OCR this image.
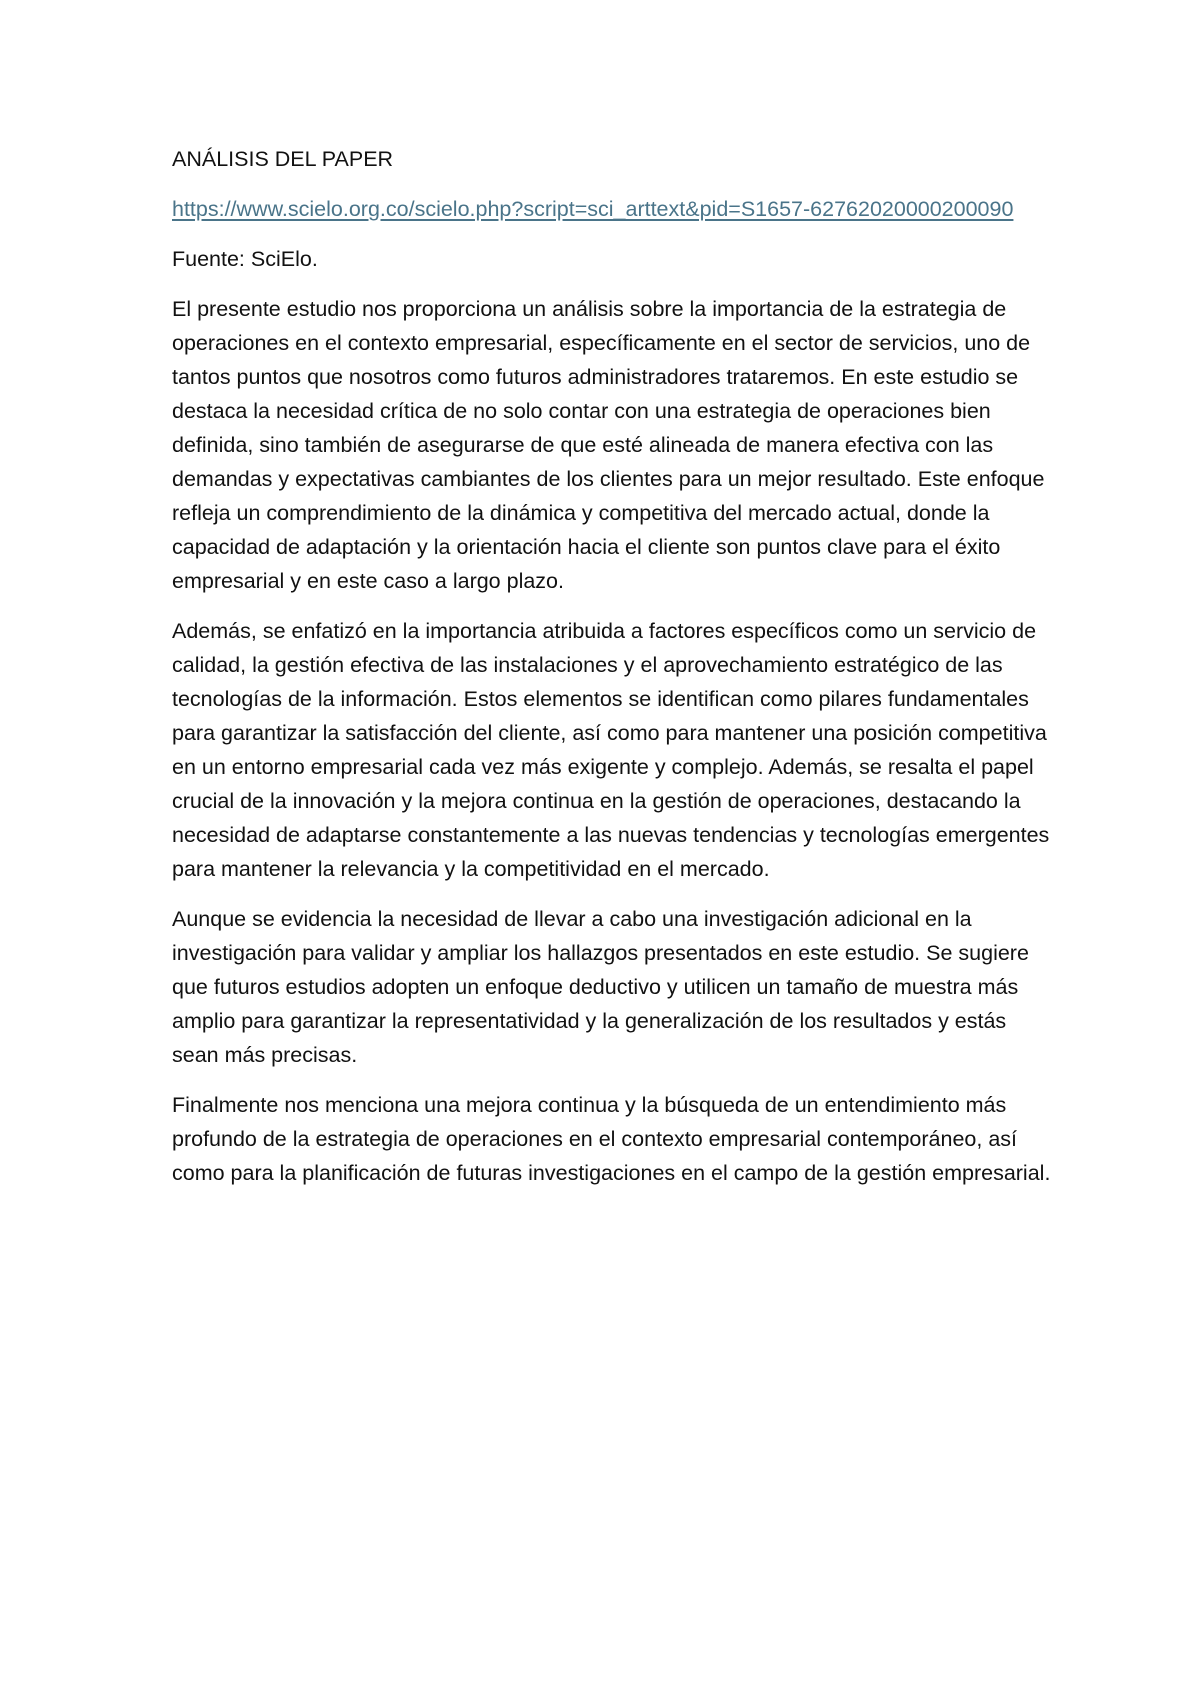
ANÁLISIS DEL PAPER

https://www.scielo.org.co/scielo.php?script=sci_arttext&pid=S1657-62762020000200090

Fuente: SciElo.

El presente estudio nos proporciona un análisis sobre la importancia de la estrategia de operaciones en el contexto empresarial, específicamente en el sector de servicios, uno de tantos puntos que nosotros como futuros administradores trataremos. En este estudio se destaca la necesidad crítica de no solo contar con una estrategia de operaciones bien definida, sino también de asegurarse de que esté alineada de manera efectiva con las demandas y expectativas cambiantes de los clientes para un mejor resultado. Este enfoque refleja un comprendimiento de la dinámica y competitiva del mercado actual, donde la capacidad de adaptación y la orientación hacia el cliente son puntos clave para el éxito empresarial y en este caso a largo plazo.

Además, se enfatizó en la importancia atribuida a factores específicos como un servicio de calidad, la gestión efectiva de las instalaciones y el aprovechamiento estratégico de las tecnologías de la información. Estos elementos se identifican como pilares fundamentales para garantizar la satisfacción del cliente, así como para mantener una posición competitiva en un entorno empresarial cada vez más exigente y complejo. Además, se resalta el papel crucial de la innovación y la mejora continua en la gestión de operaciones, destacando la necesidad de adaptarse constantemente a las nuevas tendencias y tecnologías emergentes para mantener la relevancia y la competitividad en el mercado.

Aunque se evidencia la necesidad de llevar a cabo una investigación adicional en la investigación para validar y ampliar los hallazgos presentados en este estudio. Se sugiere que futuros estudios adopten un enfoque deductivo y utilicen un tamaño de muestra más amplio para garantizar la representatividad y la generalización de los resultados y estás sean más precisas.

Finalmente nos menciona una mejora continua y la búsqueda de un entendimiento más profundo de la estrategia de operaciones en el contexto empresarial contemporáneo, así como para la planificación de futuras investigaciones en el campo de la gestión empresarial.
